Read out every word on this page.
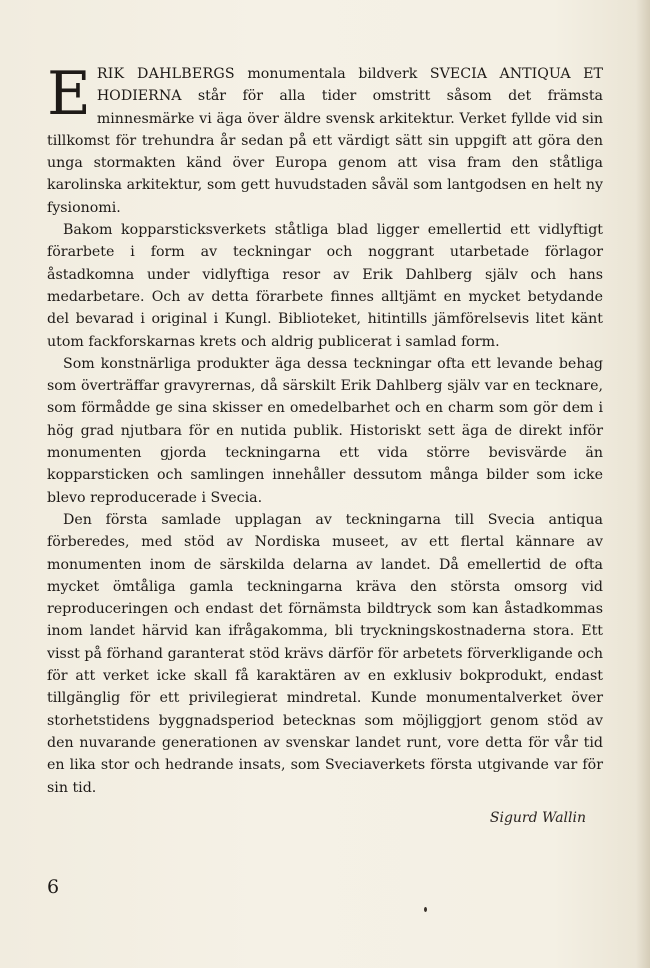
ERIK DAHLBERGS monumentala bildverk SVECIA ANTIQUA ET HODIERNA står för alla tider omstritt såsom det främsta minnesmärke vi äga över äldre svensk arkitektur. Verket fyllde vid sin tillkomst för trehundra år sedan på ett värdigt sätt sin uppgift att göra den unga stormakten känd över Europa genom att visa fram den ståtliga karolinska arkitektur, som gett huvudstaden såväl som lantgodsen en helt ny fysionomi.

Bakom kopparsticksverkets ståtliga blad ligger emellertid ett vidlyftigt förarbete i form av teckningar och noggrant utarbetade förlagor åstadkomna under vidlyftiga resor av Erik Dahlberg själv och hans medarbetare. Och av detta förarbete finnes alltjämt en mycket betydande del bevarad i original i Kungl. Biblioteket, hitintills jämförelsevis litet känt utom fackforskarnas krets och aldrig publicerat i samlad form.

Som konstnärliga produkter äga dessa teckningar ofta ett levande behag som överträffar gravyrernas, då särskilt Erik Dahlberg själv var en tecknare, som förmådde ge sina skisser en omedelbarhet och en charm som gör dem i hög grad njutbara för en nutida publik. Historiskt sett äga de direkt inför monumenten gjorda teckningarna ett vida större bevisvärde än kopparsticken och samlingen innehåller dessutom många bilder som icke blevo reproducerade i Svecia.

Den första samlade upplagan av teckningarna till Svecia antiqua förberedes, med stöd av Nordiska museet, av ett flertal kännare av monumenten inom de särskilda delarna av landet. Då emellertid de ofta mycket ömtåliga gamla teckningarna kräva den största omsorg vid reproduceringen och endast det förnämsta bildtryck som kan åstadkommas inom landet härvid kan ifrågakomma, bli tryckningskostnaderna stora. Ett visst på förhand garanterat stöd krävs därför för arbetets förverkligande och för att verket icke skall få karaktären av en exklusiv bokprodukt, endast tillgänglig för ett privilegierat mindretal. Kunde monumentalverket över storhetstidens byggnadsperiod betecknas som möjliggjort genom stöd av den nuvarande generationen av svenskar landet runt, vore detta för vår tid en lika stor och hedrande insats, som Sveciaverkets första utgivande var för sin tid.

Sigurd Wallin

6
